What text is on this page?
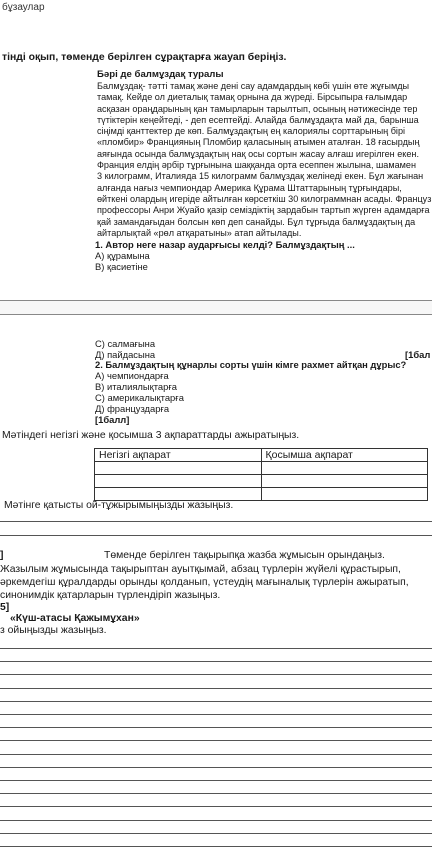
бұзаулар
тінді оқып, төменде берілген сұрақтарға жауап беріңіз.
Бәрі де балмұздақ туралы
Балмұздақ- тәтті тамақ және дені сау адамдардың көбі үшін өте жұғымды
тамақ. Кейде ол диеталық тамақ орнына да жүреді. Бірсыпыра ғалымдар
асқазан ораңдарының қан тамырларын тарылтып, осының нәтижесінде тер
түтіктерін кеңейтеді, - деп есептейді. Алайда балмұздақта май да, барынша
сіңімді қанттектер де көп. Балмұздақтың ең калориялы сорттарының бірі
«пломбир» Францияның Пломбир қаласының атымен аталған. 18 ғасырдың
аяғында осында балмұздақтың нақ осы сортын жасау алғаш игерілген екен.
Франция елдің әрбір тұрғынына шаққанда орта есеппен жылына, шамамен
3 килограмм, Италияда 15 килограмм балмұздақ желінеді екен. Бұл жағынан
алғанда нағыз чемпиондар Америка Құрама Штаттарының тұрғындары,
өйткені олардың игеріде айтылған көрсеткіш 30 килограммнан асады. Француз
профессоры Анри Жуайо қазір семіздіктің зардабын тартып жүрген адамдарға
қай замандағыдан болсын көп деп санайды. Бұл тұрғыда балмұздақтың да
айтарлықтай «рөл атқаратыны» атап айтылады.
1. Автор неге назар аударғысы келді? Балмұздақтың ...
А) құрамына
В) қасиетіне
С) салмағына
Д) пайдасына	[1бал
2. Балмұздақтың құнарлы сорты үшін кімге рахмет айтқан дұрыс?
А) чемпиондарға
В) италиялықтарға
С) америкалықтарға
Д) француздарға
[1балл]
Мәтіндегі негізгі және қосымша 3 ақпараттарды ажыратыңыз.
Негізгі ақпарат	Қосымша ақпарат

Мәтінге қатысты ой-тұжырымыңызды жазыңыз.
]	Төменде берілген тақырыпқа жазба жұмысын орындаңыз.
Жазылым жұмысында тақырыптан ауытқымай, абзац түрлерін жүйелі құрастырып,
әркемдегіш құралдарды орынды қолданып, үстеудің мағыналық түрлерін ажыратып,
синонимдік қатарларын түрлендіріп жазыңыз.
5]
«Күш-атасы Қажымұхан»
з ойыңызды жазыңыз.
